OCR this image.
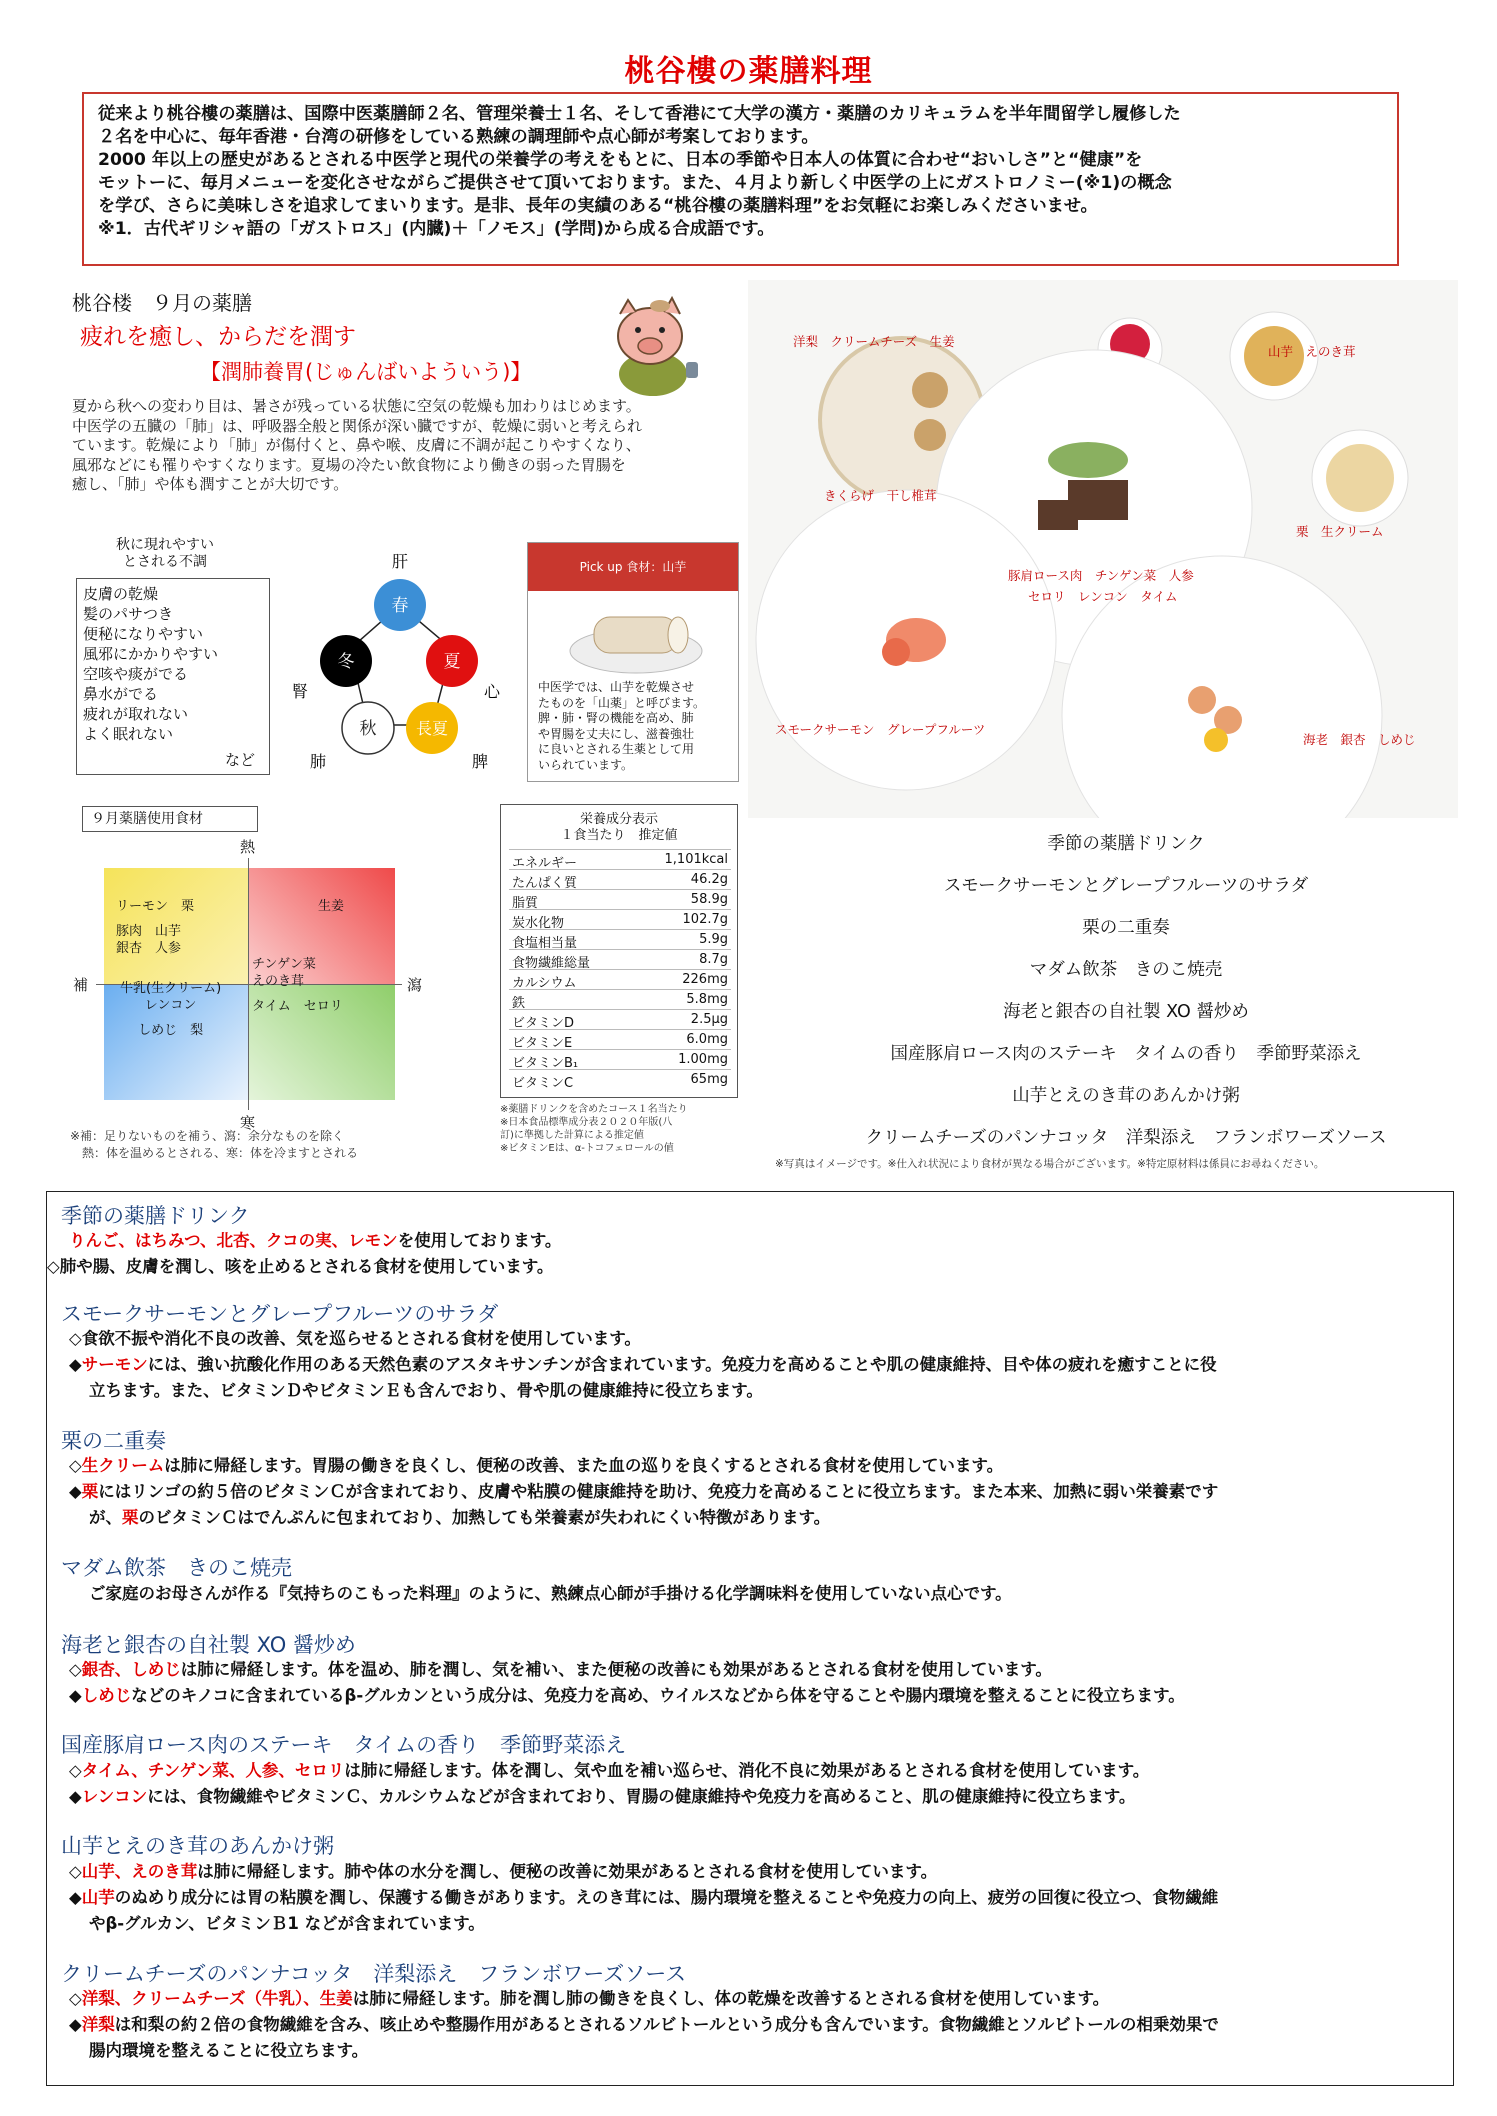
桃谷樓の薬膳料理

従来より桃谷樓の薬膳は、国際中医薬膳師２名、管理栄養士１名、そして香港にて大学の漢方・薬膳のカリキュラムを半年間留学し履修した

２名を中心に、毎年香港・台湾の研修をしている熟練の調理師や点心師が考案しております。

2000 年以上の歴史があるとされる中医学と現代の栄養学の考えをもとに、日本の季節や日本人の体質に合わせ“おいしさ”と“健康”を

モットーに、毎月メニューを変化させながらご提供させて頂いております。また、４月より新しく中医学の上にガストロノミー(※1)の概念

を学び、さらに美味しさを追求してまいります。是非、長年の実績のある“桃谷樓の薬膳料理”をお気軽にお楽しみくださいませ。

※1．古代ギリシャ語の「ガストロス」(内臓)＋「ノモス」(学問)から成る合成語です。

桃谷楼　９月の薬膳
疲れを癒し、からだを潤す
【潤肺養胃(じゅんばいよういう)】

夏から秋への変わり目は、暑さが残っている状態に空気の乾燥も加わりはじめます。

中医学の五臓の「肺」は、呼吸器全般と関係が深い臓ですが、乾燥に弱いと考えられ

ています。乾燥により「肺」が傷付くと、鼻や喉、皮膚に不調が起こりやすくなり、

風邪などにも罹りやすくなります。夏場の冷たい飲食物により働きの弱った胃腸を

癒し、「肺」や体も潤すことが大切です。

秋に現れやすい
とされる不調
皮膚の乾燥
髪のパサつき
便秘になりやすい
風邪にかかりやすい
空咳や痰がでる
鼻水がでる
疲れが取れない
よく眠れない
など
春
夏
長夏
秋
冬
肝
心
脾
肺
腎
Pick up 食材：山芋
中医学では、山芋を乾燥させ
たものを「山薬」と呼びます。
脾・肺・腎の機能を高め、肺
や胃腸を丈夫にし、滋養強壮
に良いとされる生薬として用
いられています。
９月薬膳使用食材
熱
寒
補	瀉
リーモン　栗
豚肉　山芋
銀杏　人参
生姜
牛乳(生クリーム)
レンコン
しめじ　梨
チンゲン菜
えのき茸
タイム　セロリ
※補：足りないものを補う、瀉：余分なものを除く
　熱：体を温めるとされる、寒：体を冷ますとされる
栄養成分表示
１食当たり　推定値
エネルギー	1,101kcal
たんぱく質	46.2g
脂質	58.9g
炭水化物	102.7g
食塩相当量	5.9g
食物繊維総量	8.7g
カルシウム	226mg
鉄	5.8mg
ビタミンD	2.5μg
ビタミンE	6.0mg
ビタミンB₁	1.00mg
ビタミンC	65mg
※薬膳ドリンクを含めたコース１名当たり
※日本食品標準成分表２０２０年版(八
訂)に準拠した計算による推定値
※ビタミンEは、α-トコフェロールの値
洋梨　クリームチーズ　生姜
山芋　えのき茸
きくらげ　干し椎茸
栗　生クリーム
豚肩ロース肉　チンゲン菜　人参
セロリ　レンコン　タイム
スモークサーモン　グレープフルーツ
海老　銀杏　しめじ
季節の薬膳ドリンク
スモークサーモンとグレープフルーツのサラダ
栗の二重奏
マダム飲茶　きのこ焼売
海老と銀杏の自社製 XO 醤炒め
国産豚肩ロース肉のステーキ　タイムの香り　季節野菜添え
山芋とえのき茸のあんかけ粥
クリームチーズのパンナコッタ　洋梨添え　フランボワーズソース
※写真はイメージです。※仕入れ状況により食材が異なる場合がございます。※特定原材料は係員にお尋ねください。
季節の薬膳ドリンク
りんご、はちみつ、北杏、クコの実、レモンを使用しております。
◇肺や腸、皮膚を潤し、咳を止めるとされる食材を使用しています。
スモークサーモンとグレープフルーツのサラダ
◇食欲不振や消化不良の改善、気を巡らせるとされる食材を使用しています。
◆サーモンには、強い抗酸化作用のある天然色素のアスタキサンチンが含まれています。免疫力を高めることや肌の健康維持、目や体の疲れを癒すことに役
立ちます。また、ビタミンＤやビタミンＥも含んでおり、骨や肌の健康維持に役立ちます。
栗の二重奏
◇生クリームは肺に帰経します。胃腸の働きを良くし、便秘の改善、また血の巡りを良くするとされる食材を使用しています。
◆栗にはリンゴの約５倍のビタミンＣが含まれており、皮膚や粘膜の健康維持を助け、免疫力を高めることに役立ちます。また本来、加熱に弱い栄養素です
が、栗のビタミンＣはでんぷんに包まれており、加熱しても栄養素が失われにくい特徴があります。
マダム飲茶　きのこ焼売
ご家庭のお母さんが作る『気持ちのこもった料理』のように、熟練点心師が手掛ける化学調味料を使用していない点心です。
海老と銀杏の自社製 XO 醤炒め
◇銀杏、しめじは肺に帰経します。体を温め、肺を潤し、気を補い、また便秘の改善にも効果があるとされる食材を使用しています。
◆しめじなどのキノコに含まれているβ-グルカンという成分は、免疫力を高め、ウイルスなどから体を守ることや腸内環境を整えることに役立ちます。
国産豚肩ロース肉のステーキ　タイムの香り　季節野菜添え
◇タイム、チンゲン菜、人参、セロリは肺に帰経します。体を潤し、気や血を補い巡らせ、消化不良に効果があるとされる食材を使用しています。
◆レンコンには、食物繊維やビタミンＣ、カルシウムなどが含まれており、胃腸の健康維持や免疫力を高めること、肌の健康維持に役立ちます。
山芋とえのき茸のあんかけ粥
◇山芋、えのき茸は肺に帰経します。肺や体の水分を潤し、便秘の改善に効果があるとされる食材を使用しています。
◆山芋のぬめり成分には胃の粘膜を潤し、保護する働きがあります。えのき茸には、腸内環境を整えることや免疫力の向上、疲労の回復に役立つ、食物繊維
やβ-グルカン、ビタミンＢ1 などが含まれています。
クリームチーズのパンナコッタ　洋梨添え　フランボワーズソース
◇洋梨、クリームチーズ（牛乳）、生姜は肺に帰経します。肺を潤し肺の働きを良くし、体の乾燥を改善するとされる食材を使用しています。
◆洋梨は和梨の約２倍の食物繊維を含み、咳止めや整腸作用があるとされるソルビトールという成分も含んでいます。食物繊維とソルビトールの相乗効果で
腸内環境を整えることに役立ちます。
